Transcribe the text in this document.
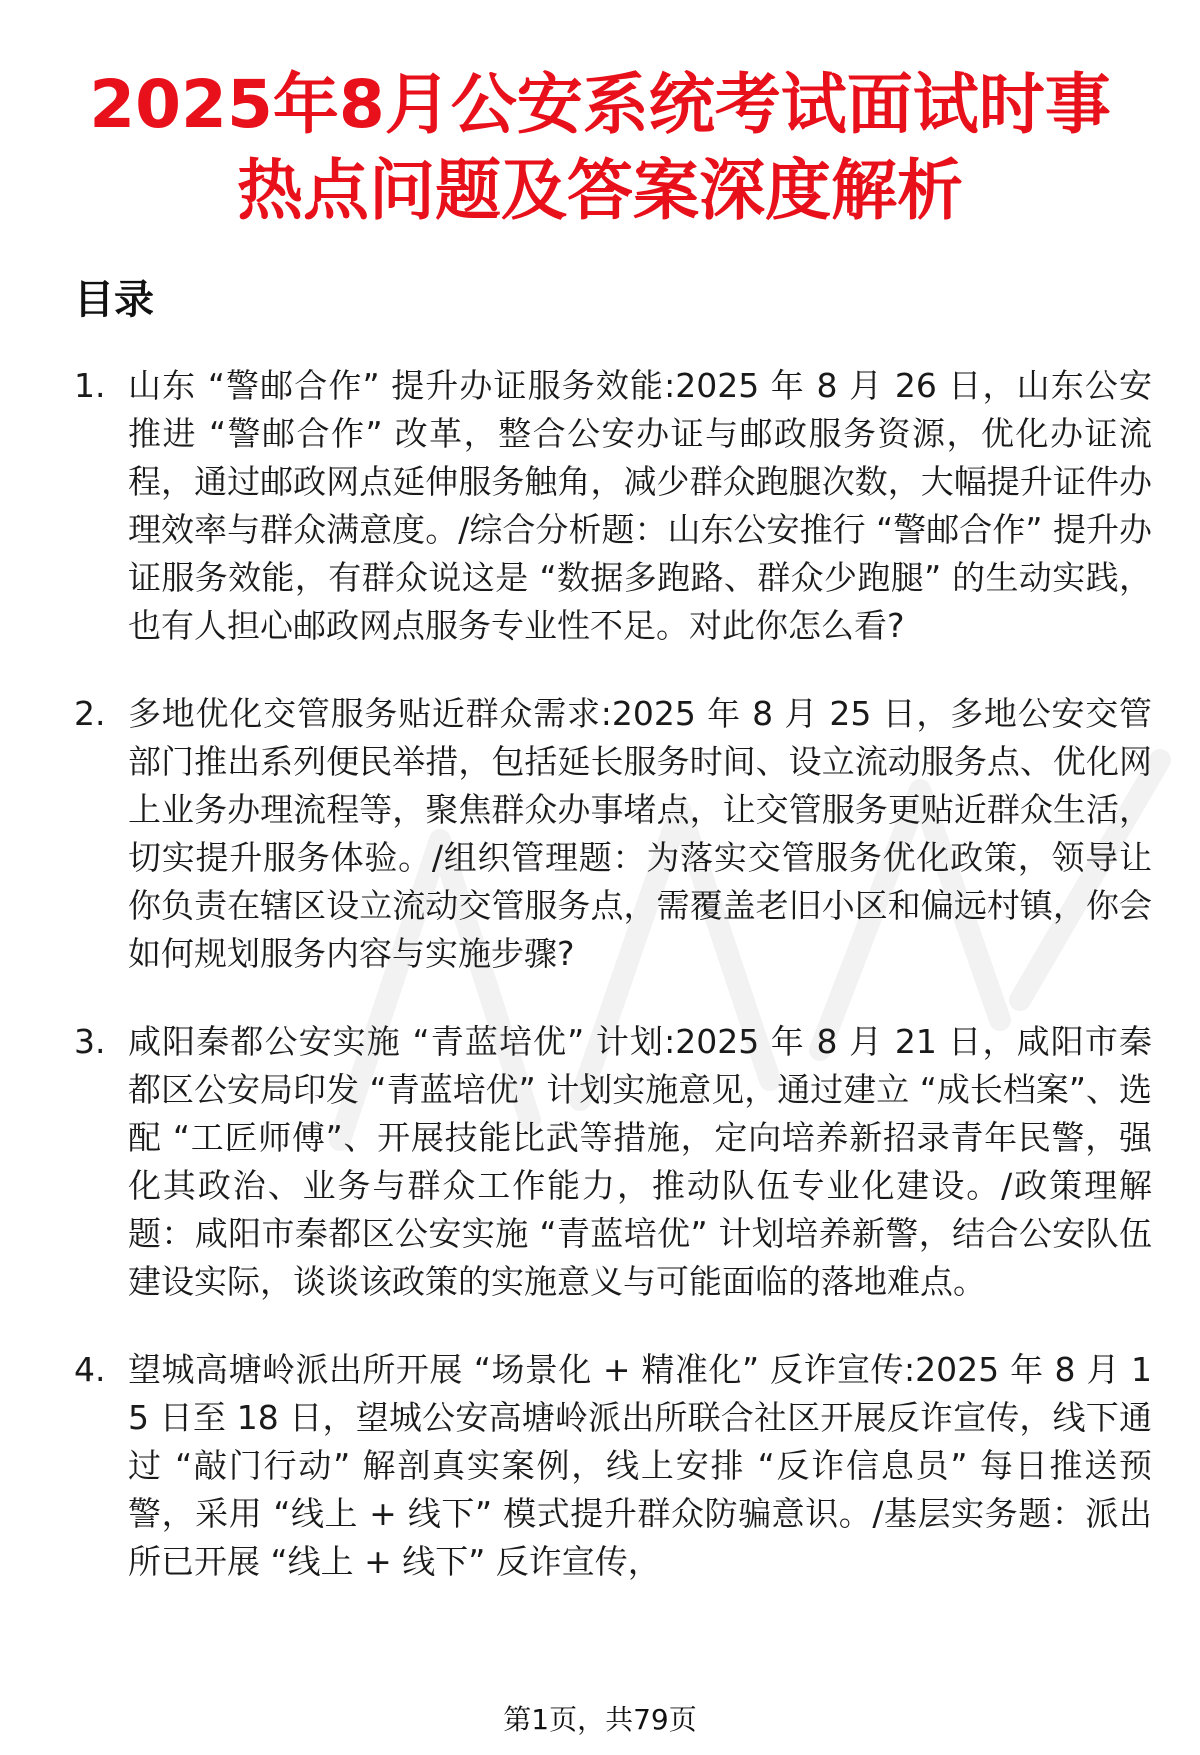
2025年8月公安系统考试面试时事热点问题及答案深度解析
目录
1. 山东 “警邮合作” 提升办证服务效能:2025 年 8 月 26 日，山东公安推进 “警邮合作” 改革，整合公安办证与邮政服务资源，优化办证流程，通过邮政网点延伸服务触角，减少群众跑腿次数，大幅提升证件办理效率与群众满意度。/综合分析题：山东公安推行 “警邮合作” 提升办证服务效能，有群众说这是 “数据多跑路、群众少跑腿” 的生动实践，也有人担心邮政网点服务专业性不足。对此你怎么看?
2. 多地优化交管服务贴近群众需求:2025 年 8 月 25 日，多地公安交管部门推出系列便民举措，包括延长服务时间、设立流动服务点、优化网上业务办理流程等，聚焦群众办事堵点，让交管服务更贴近群众生活，切实提升服务体验。/组织管理题：为落实交管服务优化政策，领导让你负责在辖区设立流动交管服务点，需覆盖老旧小区和偏远村镇，你会如何规划服务内容与实施步骤?
3. 咸阳秦都公安实施 “青蓝培优” 计划:2025 年 8 月 21 日，咸阳市秦都区公安局印发 “青蓝培优” 计划实施意见，通过建立 “成长档案”、选配 “工匠师傅”、开展技能比武等措施，定向培养新招录青年民警，强化其政治、业务与群众工作能力，推动队伍专业化建设。/政策理解题：咸阳市秦都区公安实施 “青蓝培优” 计划培养新警，结合公安队伍建设实际，谈谈该政策的实施意义与可能面临的落地难点。
4. 望城高塘岭派出所开展 “场景化 + 精准化” 反诈宣传:2025 年 8 月 15 日至 18 日，望城公安高塘岭派出所联合社区开展反诈宣传，线下通过 “敲门行动” 解剖真实案例，线上安排 “反诈信息员” 每日推送预警，采用 “线上 + 线下” 模式提升群众防骗意识。/基层实务题：派出所已开展 “线上 + 线下” 反诈宣传，
第1页，共79页
